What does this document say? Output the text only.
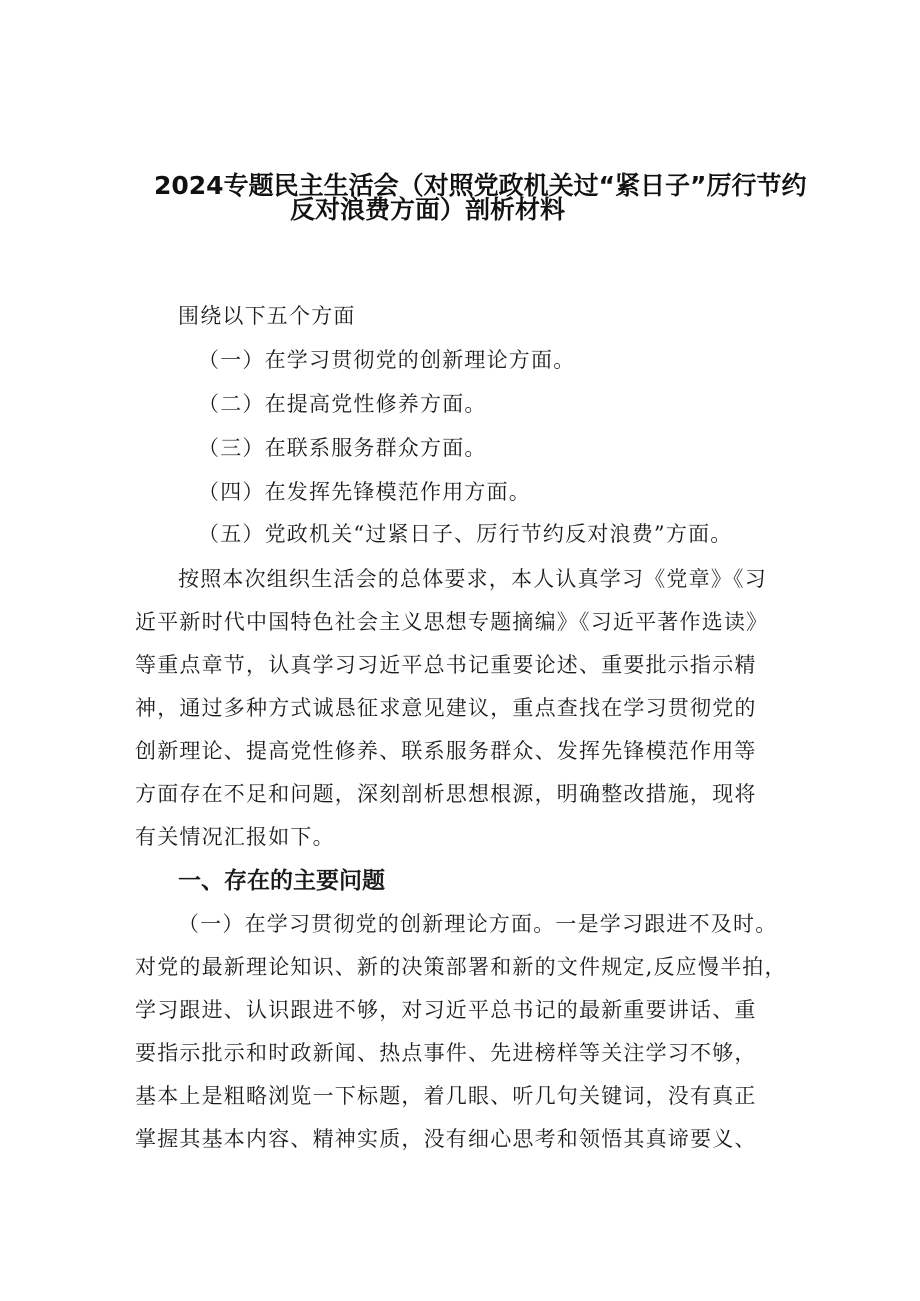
2024专题民主生活会（对照党政机关过“紧日子”厉行节约
反对浪费方面）剖析材料
围绕以下五个方面
（一）在学习贯彻党的创新理论方面。
（二）在提高党性修养方面。
（三）在联系服务群众方面。
（四）在发挥先锋模范作用方面。
（五）党政机关“过紧日子、厉行节约反对浪费”方面。
按照本次组织生活会的总体要求，本人认真学习《党章》《习
近平新时代中国特色社会主义思想专题摘编》《习近平著作选读》
等重点章节，认真学习习近平总书记重要论述、重要批示指示精
神，通过多种方式诚恳征求意见建议，重点查找在学习贯彻党的
创新理论、提高党性修养、联系服务群众、发挥先锋模范作用等
方面存在不足和问题，深刻剖析思想根源，明确整改措施，现将
有关情况汇报如下。
一、存在的主要问题
（一）在学习贯彻党的创新理论方面。一是学习跟进不及时。
对党的最新理论知识、新的决策部署和新的文件规定,反应慢半拍，
学习跟进、认识跟进不够，对习近平总书记的最新重要讲话、重
要指示批示和时政新闻、热点事件、先进榜样等关注学习不够，
基本上是粗略浏览一下标题，着几眼、听几句关键词，没有真正
掌握其基本内容、精神实质，没有细心思考和领悟其真谛要义、
